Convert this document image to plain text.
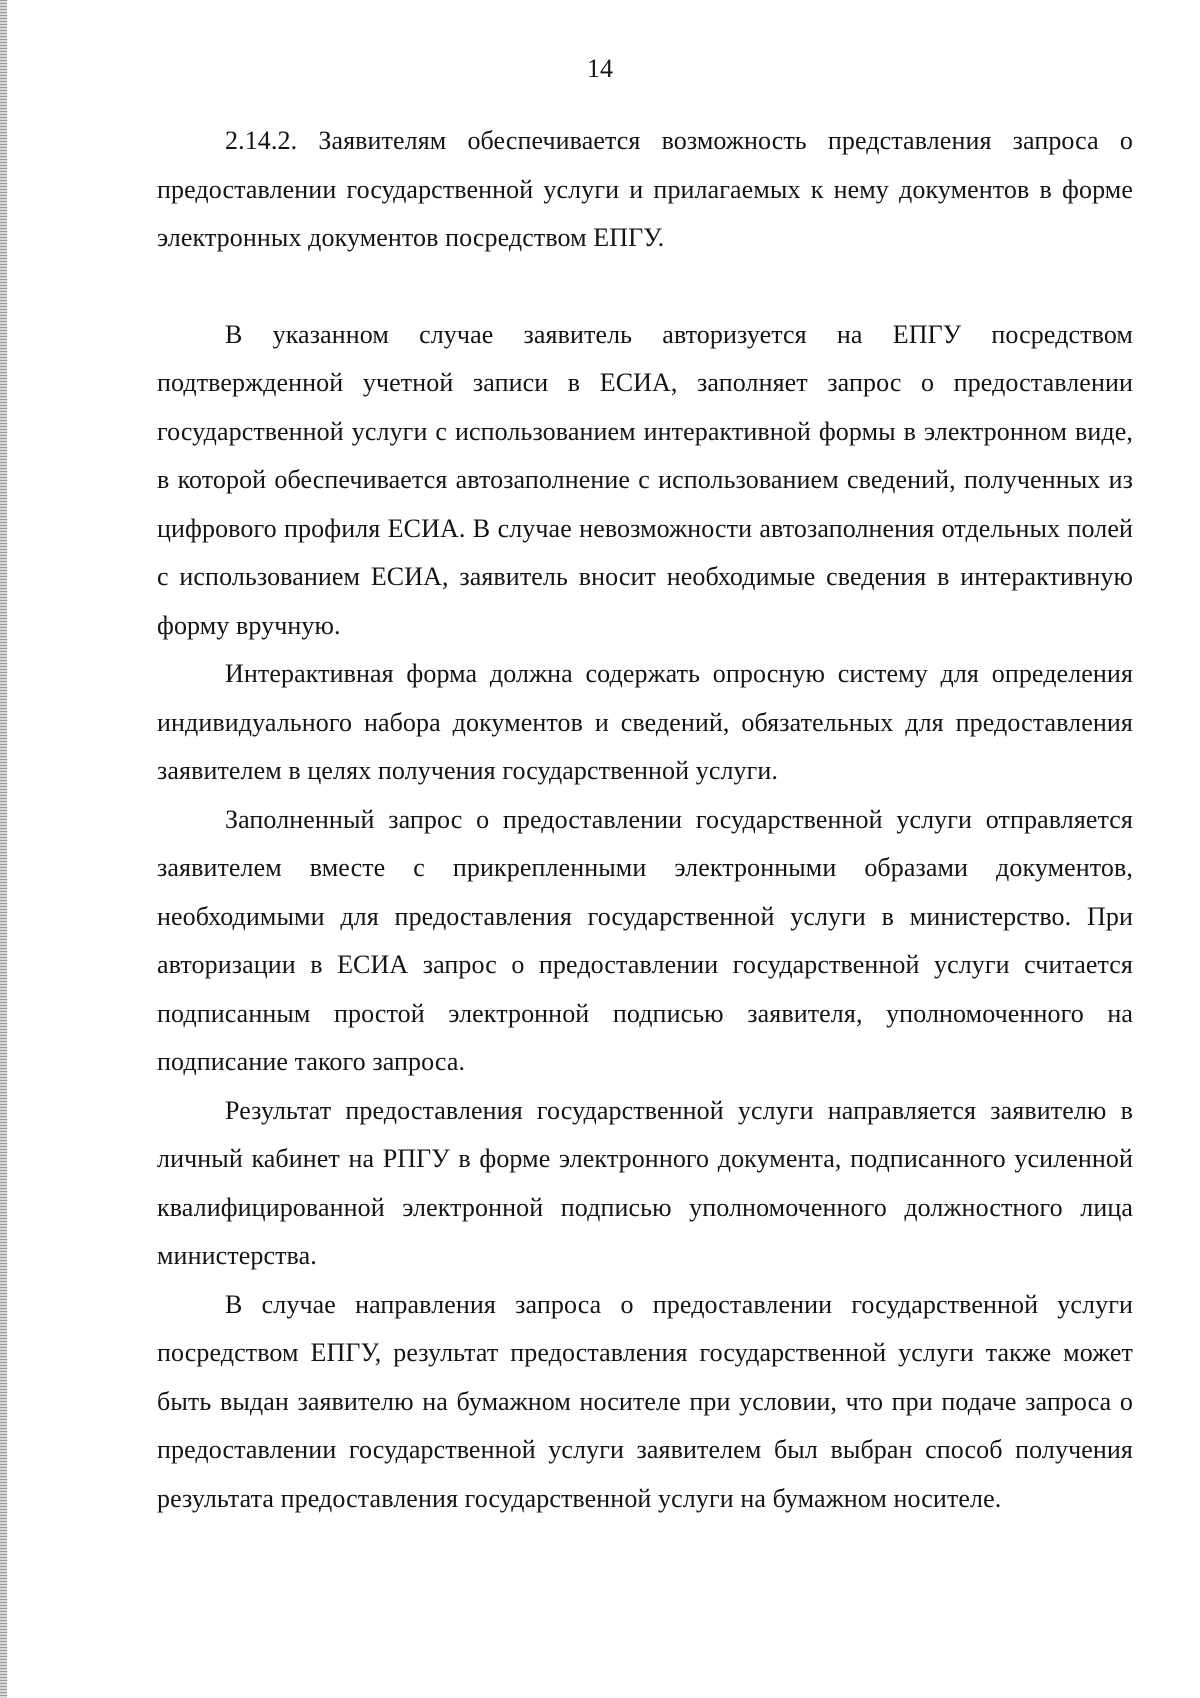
14

2.14.2. Заявителям обеспечивается возможность представления запроса о предоставлении государственной услуги и прилагаемых к нему документов в форме электронных документов посредством ЕПГУ.

В указанном случае заявитель авторизуется на ЕПГУ посредством подтвержденной учетной записи в ЕСИА, заполняет запрос о предоставлении государственной услуги с использованием интерактивной формы в электронном виде, в которой обеспечивается автозаполнение с использованием сведений, полученных из цифрового профиля ЕСИА. В случае невозможности автозаполнения отдельных полей с использованием ЕСИА, заявитель вносит необходимые сведения в интерактивную форму вручную.

Интерактивная форма должна содержать опросную систему для определения индивидуального набора документов и сведений, обязательных для предоставления заявителем в целях получения государственной услуги.

Заполненный запрос о предоставлении государственной услуги отправляется заявителем вместе с прикрепленными электронными образами документов, необходимыми для предоставления государственной услуги в министерство. При авторизации в ЕСИА запрос о предоставлении государственной услуги считается подписанным простой электронной подписью заявителя, уполномоченного на подписание такого запроса.

Результат предоставления государственной услуги направляется заявителю в личный кабинет на РПГУ в форме электронного документа, подписанного усиленной квалифицированной электронной подписью уполномоченного должностного лица министерства.

В случае направления запроса о предоставлении государственной услуги посредством ЕПГУ, результат предоставления государственной услуги также может быть выдан заявителю на бумажном носителе при условии, что при подаче запроса о предоставлении государственной услуги заявителем был выбран способ получения результата предоставления государственной услуги на бумажном носителе.
